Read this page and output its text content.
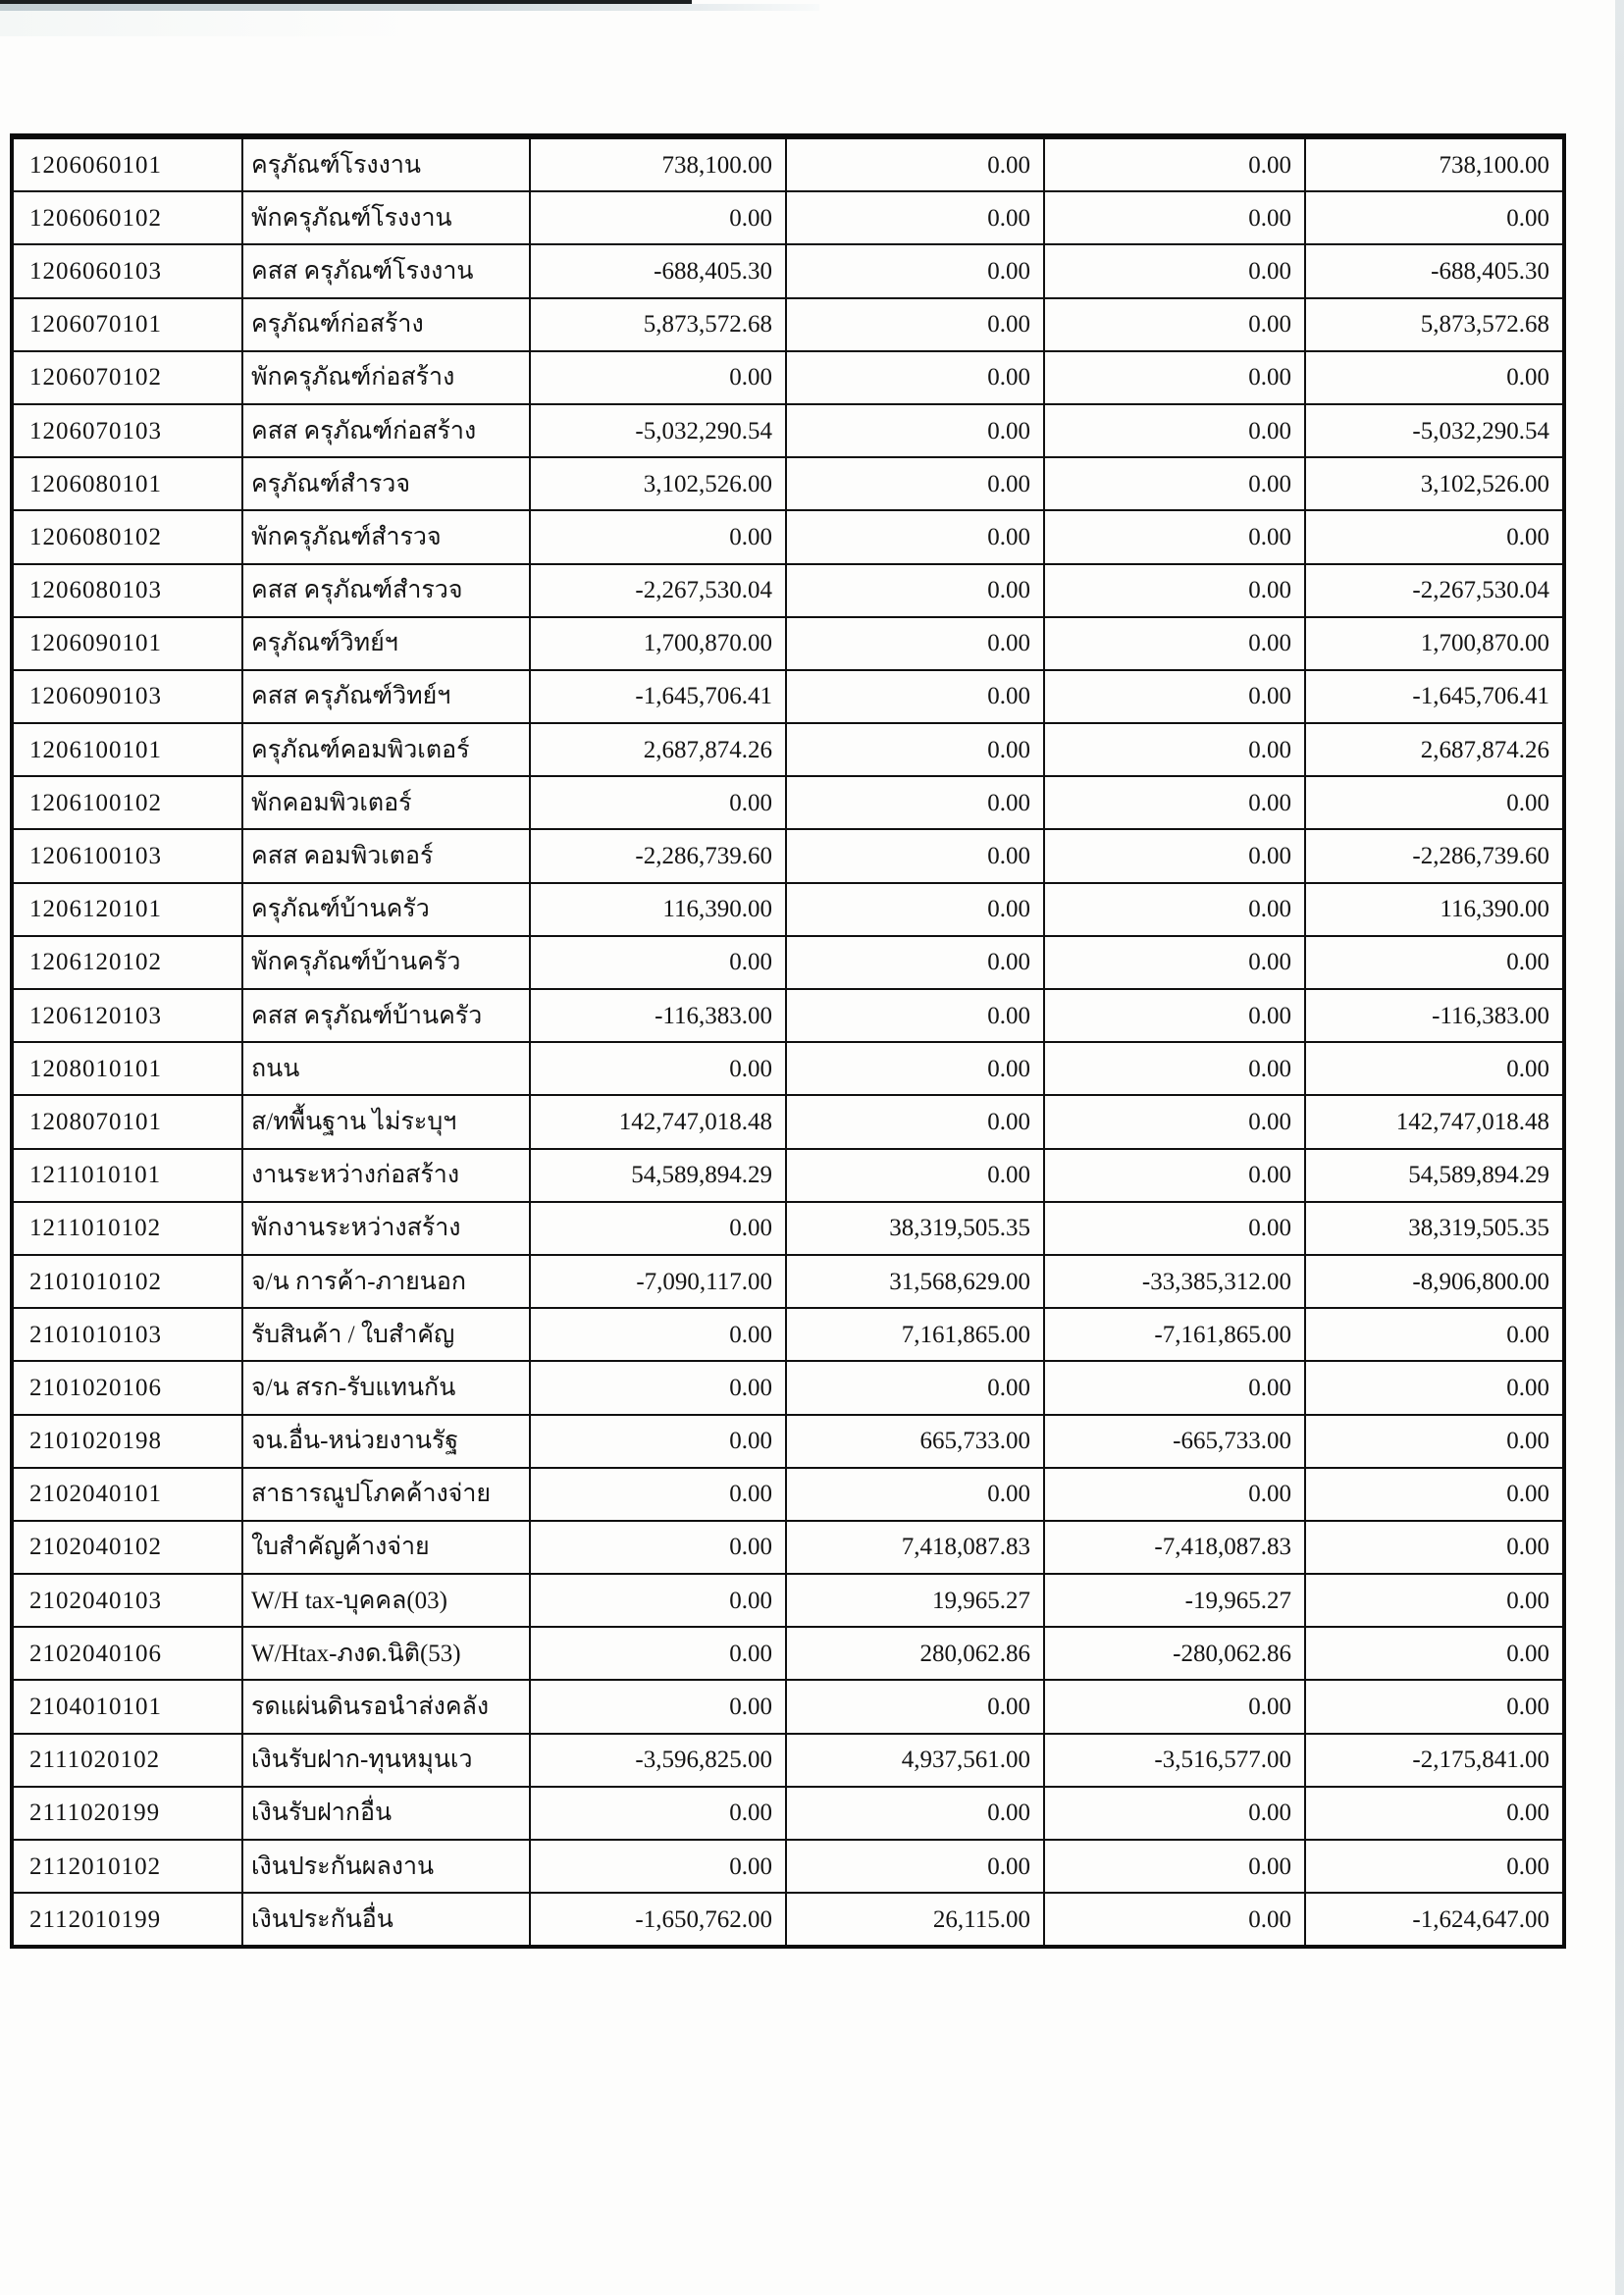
1206060101	ครุภัณฑ์โรงงาน	738,100.00	0.00	0.00	738,100.00
1206060102	พักครุภัณฑ์โรงงาน	0.00	0.00	0.00	0.00
1206060103	คสส ครุภัณฑ์โรงงาน	-688,405.30	0.00	0.00	-688,405.30
1206070101	ครุภัณฑ์ก่อสร้าง	5,873,572.68	0.00	0.00	5,873,572.68
1206070102	พักครุภัณฑ์ก่อสร้าง	0.00	0.00	0.00	0.00
1206070103	คสส ครุภัณฑ์ก่อสร้าง	-5,032,290.54	0.00	0.00	-5,032,290.54
1206080101	ครุภัณฑ์สำรวจ	3,102,526.00	0.00	0.00	3,102,526.00
1206080102	พักครุภัณฑ์สำรวจ	0.00	0.00	0.00	0.00
1206080103	คสส ครุภัณฑ์สำรวจ	-2,267,530.04	0.00	0.00	-2,267,530.04
1206090101	ครุภัณฑ์วิทย์ฯ	1,700,870.00	0.00	0.00	1,700,870.00
1206090103	คสส ครุภัณฑ์วิทย์ฯ	-1,645,706.41	0.00	0.00	-1,645,706.41
1206100101	ครุภัณฑ์คอมพิวเตอร์	2,687,874.26	0.00	0.00	2,687,874.26
1206100102	พักคอมพิวเตอร์	0.00	0.00	0.00	0.00
1206100103	คสส คอมพิวเตอร์	-2,286,739.60	0.00	0.00	-2,286,739.60
1206120101	ครุภัณฑ์บ้านครัว	116,390.00	0.00	0.00	116,390.00
1206120102	พักครุภัณฑ์บ้านครัว	0.00	0.00	0.00	0.00
1206120103	คสส ครุภัณฑ์บ้านครัว	-116,383.00	0.00	0.00	-116,383.00
1208010101	ถนน	0.00	0.00	0.00	0.00
1208070101	ส/ทพื้นฐาน ไม่ระบุฯ	142,747,018.48	0.00	0.00	142,747,018.48
1211010101	งานระหว่างก่อสร้าง	54,589,894.29	0.00	0.00	54,589,894.29
1211010102	พักงานระหว่างสร้าง	0.00	38,319,505.35	0.00	38,319,505.35
2101010102	จ/น การค้า-ภายนอก	-7,090,117.00	31,568,629.00	-33,385,312.00	-8,906,800.00
2101010103	รับสินค้า / ใบสำคัญ	0.00	7,161,865.00	-7,161,865.00	0.00
2101020106	จ/น สรก-รับแทนกัน	0.00	0.00	0.00	0.00
2101020198	จน.อื่น-หน่วยงานรัฐ	0.00	665,733.00	-665,733.00	0.00
2102040101	สาธารณูปโภคค้างจ่าย	0.00	0.00	0.00	0.00
2102040102	ใบสำคัญค้างจ่าย	0.00	7,418,087.83	-7,418,087.83	0.00
2102040103	W/H tax-บุคคล(03)	0.00	19,965.27	-19,965.27	0.00
2102040106	W/Htax-ภงด.นิติ(53)	0.00	280,062.86	-280,062.86	0.00
2104010101	รดแผ่นดินรอนำส่งคลัง	0.00	0.00	0.00	0.00
2111020102	เงินรับฝาก-ทุนหมุนเว	-3,596,825.00	4,937,561.00	-3,516,577.00	-2,175,841.00
2111020199	เงินรับฝากอื่น	0.00	0.00	0.00	0.00
2112010102	เงินประกันผลงาน	0.00	0.00	0.00	0.00
2112010199	เงินประกันอื่น	-1,650,762.00	26,115.00	0.00	-1,624,647.00
